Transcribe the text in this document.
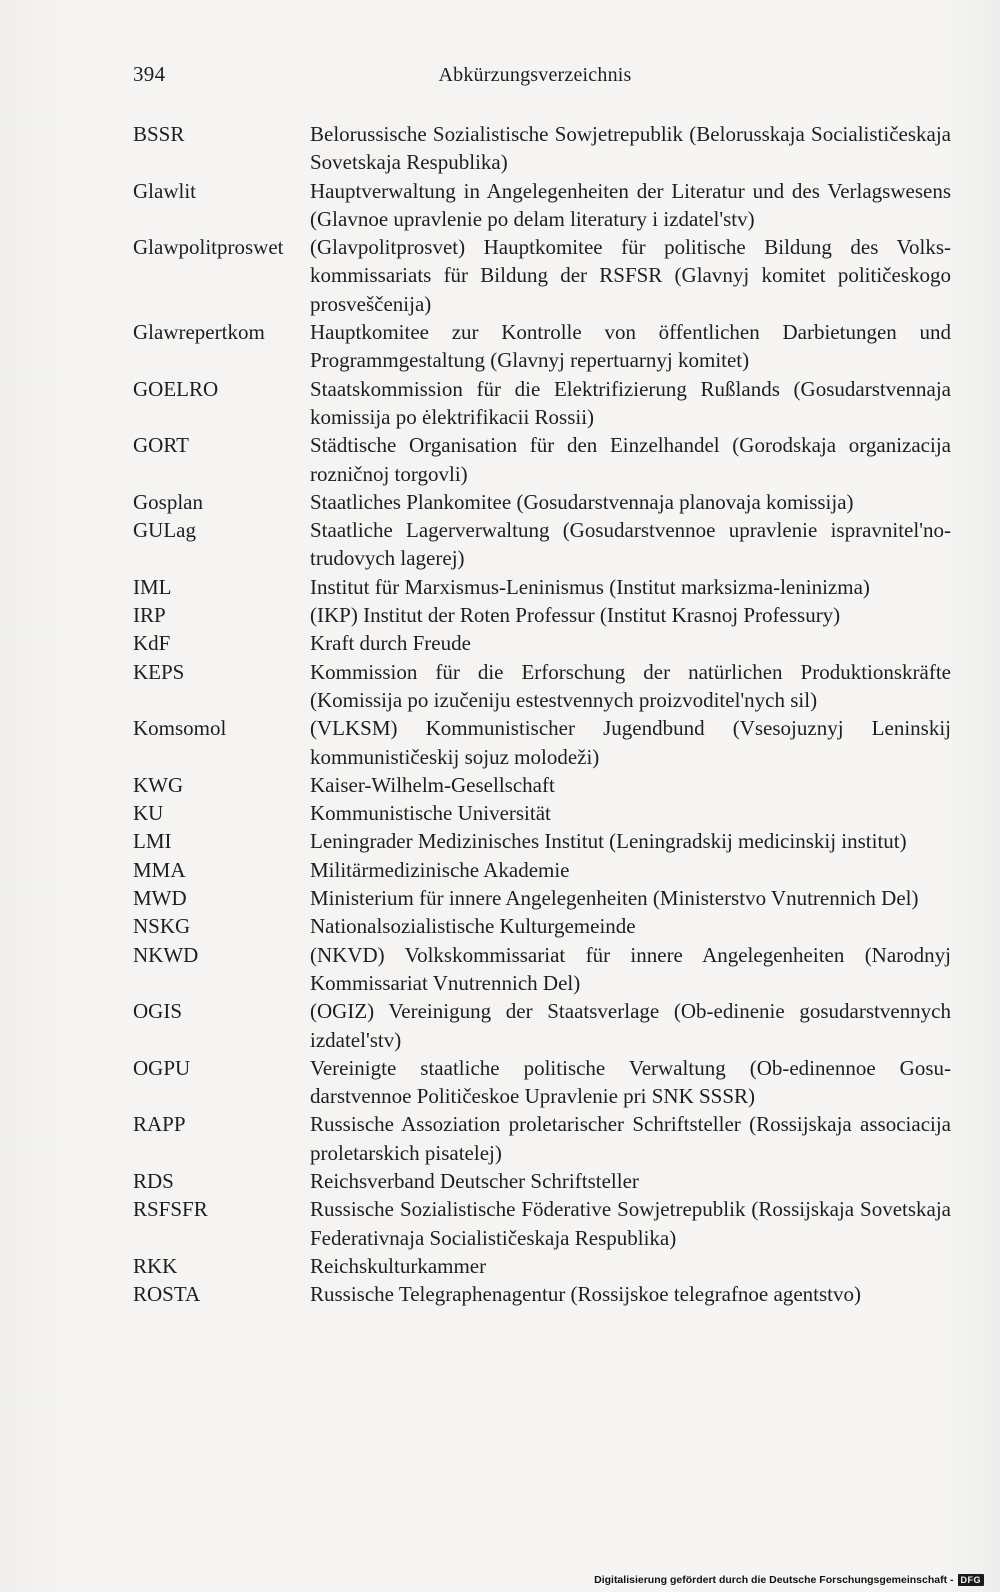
394	Abkürzungsverzeichnis
BSSR	Belorussische Sozialistische Sowjetrepublik (Belorusskaja Socialističeskaja Sovetskaja Respublika)
Glawlit	Hauptverwaltung in Angelegenheiten der Literatur und des Verlagswesens (Glavnoe upravlenie po delam literatury i izdatel'stv)
Glawpolitproswet	(Glavpolitprosvet) Hauptkomitee für politische Bildung des Volkskommissariats für Bildung der RSFSR (Glavnyj komitet političeskogo prosveščenija)
Glawrepertkom	Hauptkomitee zur Kontrolle von öffentlichen Darbietungen und Programmgestaltung (Glavnyj repertuarnyj komitet)
GOELRO	Staatskommission für die Elektrifizierung Rußlands (Gosudarstvennaja komissija po ėlektrifikacii Rossii)
GORT	Städtische Organisation für den Einzelhandel (Gorodskaja organizacija rozničnoj torgovli)
Gosplan	Staatliches Plankomitee (Gosudarstvennaja planovaja komissija)
GULag	Staatliche Lagerverwaltung (Gosudarstvennoe upravlenie ispravnitel'no-trudovych lagerej)
IML	Institut für Marxismus-Leninismus (Institut marksizma-leninizma)
IRP	(IKP) Institut der Roten Professur (Institut Krasnoj Professury)
KdF	Kraft durch Freude
KEPS	Kommission für die Erforschung der natürlichen Produktionskräfte (Komissija po izučeniju estestvennych proizvoditel'nych sil)
Komsomol	(VLKSM) Kommunistischer Jugendbund (Vsesojuznyj Leninskij kommunističeskij sojuz molodeži)
KWG	Kaiser-Wilhelm-Gesellschaft
KU	Kommunistische Universität
LMI	Leningrader Medizinisches Institut (Leningradskij medicinskij institut)
MMA	Militärmedizinische Akademie
MWD	Ministerium für innere Angelegenheiten (Ministerstvo Vnutrennich Del)
NSKG	Nationalsozialistische Kulturgemeinde
NKWD	(NKVD) Volkskommissariat für innere Angelegenheiten (Narodnyj Kommissariat Vnutrennich Del)
OGIS	(OGIZ) Vereinigung der Staatsverlage (Ob-edinenie gosudarstvennych izdatel'stv)
OGPU	Vereinigte staatliche politische Verwaltung (Ob-edinennoe Gosudarstvennoe Političeskoe Upravlenie pri SNK SSSR)
RAPP	Russische Assoziation proletarischer Schriftsteller (Rossijskaja associacija proletarskich pisatelej)
RDS	Reichsverband Deutscher Schriftsteller
RSFSFR	Russische Sozialistische Föderative Sowjetrepublik (Rossijskaja Sovetskaja Federativnaja Socialističeskaja Respublika)
RKK	Reichskulturkammer
ROSTA	Russische Telegraphenagentur (Rossijskoe telegrafnoe agentstvo)
Digitalisierung gefördert durch die Deutsche Forschungsgemeinschaft - DFG
